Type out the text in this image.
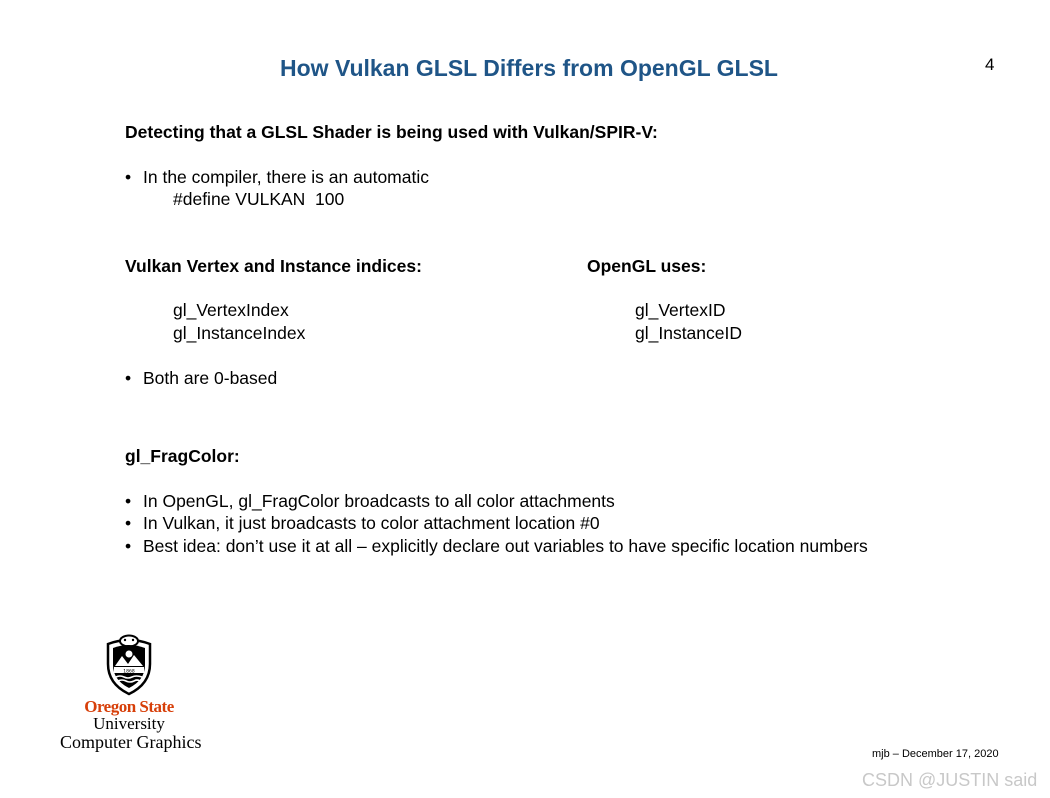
How Vulkan GLSL Differs from OpenGL GLSL	4
Detecting that a GLSL Shader is being used with Vulkan/SPIR-V:

•

In the compiler, there is an automatic

#define VULKAN  100
Vulkan Vertex and Instance indices:	OpenGL uses:
gl_VertexIndex
gl_InstanceIndex
gl_VertexID
gl_InstanceID

•

Both are 0-based

gl_FragColor:

•

In OpenGL, gl_FragColor broadcasts to all color attachments

•

In Vulkan, it just broadcasts to color attachment location #0

•

Best idea: don’t use it at all – explicitly declare out variables to have specific location numbers

1868
Oregon State
University
Computer Graphics
mjb – December 17, 2020
CSDN @JUSTIN said
